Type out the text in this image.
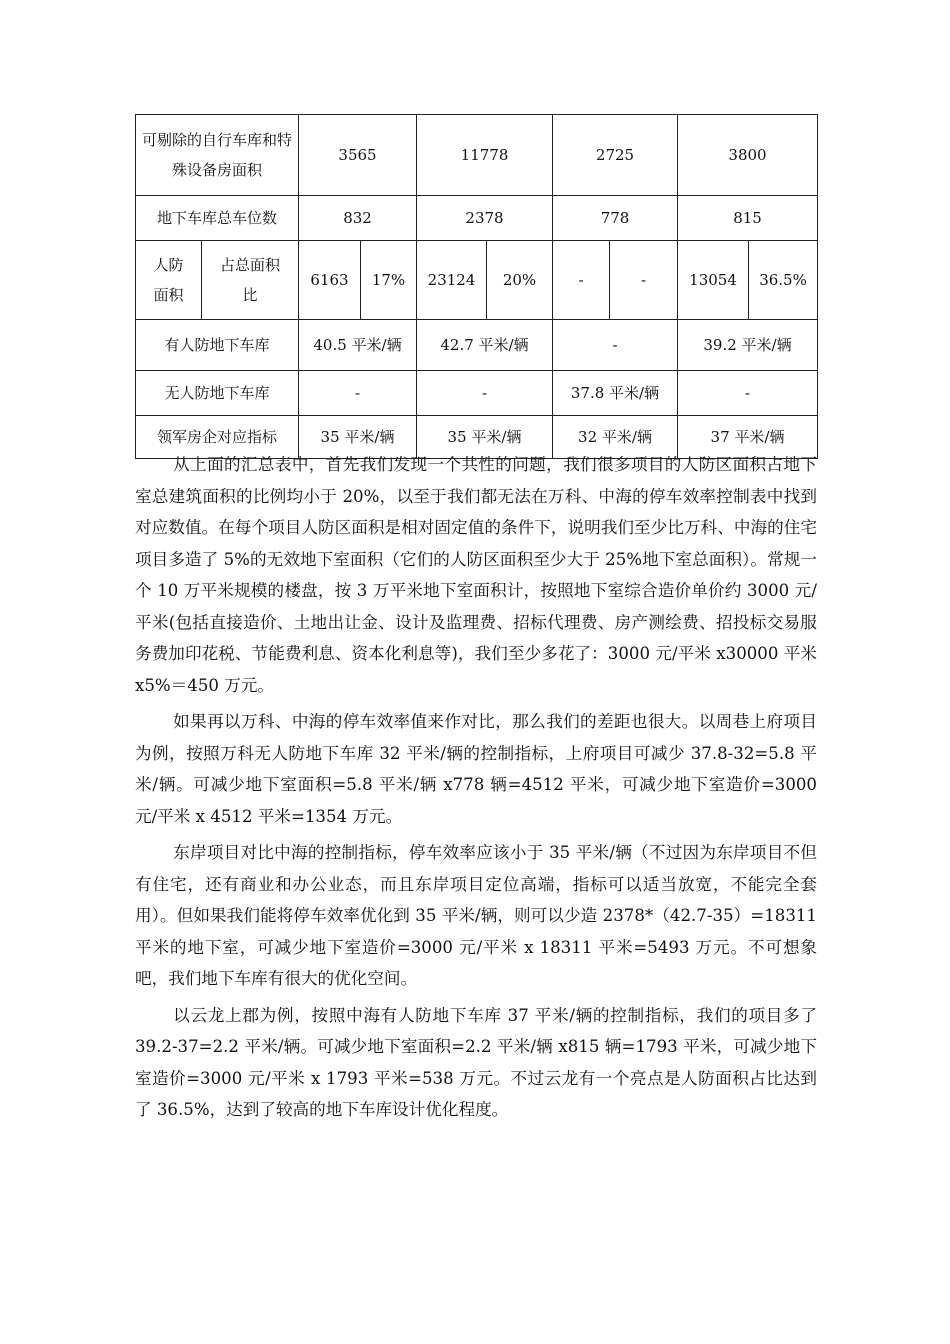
可剔除的自行车库和特殊设备房面积		3565		11778		2725		3800	
地下车库总车位数		832		2378		778		815	
人防面积	占总面积比	6163	17%	23124	20%	-	-	13054	36.5%
有人防地下车库		40.5 平米/辆		42.7 平米/辆		-		39.2 平米/辆	
无人防地下车库		-		-		37.8 平米/辆		-	
领军房企对应指标		35 平米/辆		35 平米/辆		32 平米/辆		37 平米/辆	

从上面的汇总表中，首先我们发现一个共性的问题，我们很多项目的人防区面积占地下室总建筑面积的比例均小于 20%，以至于我们都无法在万科、中海的停车效率控制表中找到对应数值。在每个项目人防区面积是相对固定值的条件下，说明我们至少比万科、中海的住宅项目多造了 5%的无效地下室面积（它们的人防区面积至少大于 25%地下室总面积）。常规一个 10 万平米规模的楼盘，按 3 万平米地下室面积计，按照地下室综合造价单价约 3000 元/平米(包括直接造价、土地出让金、设计及监理费、招标代理费、房产测绘费、招投标交易服务费加印花税、节能费利息、资本化利息等)，我们至少多花了：3000 元/平米 x30000 平米 x5%＝450 万元。

如果再以万科、中海的停车效率值来作对比，那么我们的差距也很大。以周巷上府项目为例，按照万科无人防地下车库 32 平米/辆的控制指标，上府项目可减少 37.8-32=5.8 平米/辆。可减少地下室面积=5.8 平米/辆 x778 辆=4512 平米，可减少地下室造价=3000 元/平米 x 4512 平米=1354 万元。

东岸项目对比中海的控制指标，停车效率应该小于 35 平米/辆（不过因为东岸项目不但有住宅，还有商业和办公业态，而且东岸项目定位高端，指标可以适当放宽，不能完全套用）。但如果我们能将停车效率优化到 35 平米/辆，则可以少造 2378*（42.7-35）=18311 平米的地下室，可减少地下室造价=3000 元/平米 x 18311 平米=5493 万元。不可想象吧，我们地下车库有很大的优化空间。

以云龙上郡为例，按照中海有人防地下车库 37 平米/辆的控制指标，我们的项目多了 39.2-37=2.2 平米/辆。可减少地下室面积=2.2 平米/辆 x815 辆=1793 平米，可减少地下室造价=3000 元/平米 x 1793 平米=538 万元。不过云龙有一个亮点是人防面积占比达到了 36.5%，达到了较高的地下车库设计优化程度。
